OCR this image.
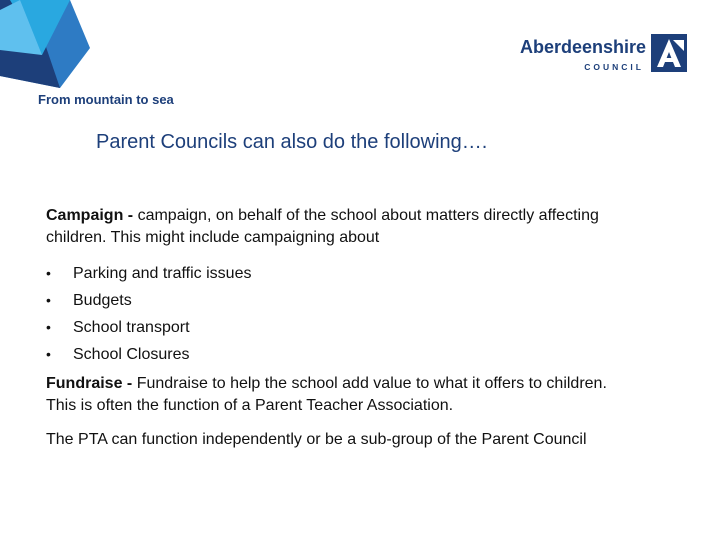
From mountain to sea
Aberdeenshire
COUNCIL
Parent Councils can also do the following….

Campaign - campaign, on behalf of the school about matters directly affecting children. This might include campaigning about

• Parking and traffic issues
• Budgets
• School transport
• School Closures

Fundraise - Fundraise to help the school add value to what it offers to children. This is often the function of a Parent Teacher Association.

The PTA can function independently or be a sub-group of the Parent Council
